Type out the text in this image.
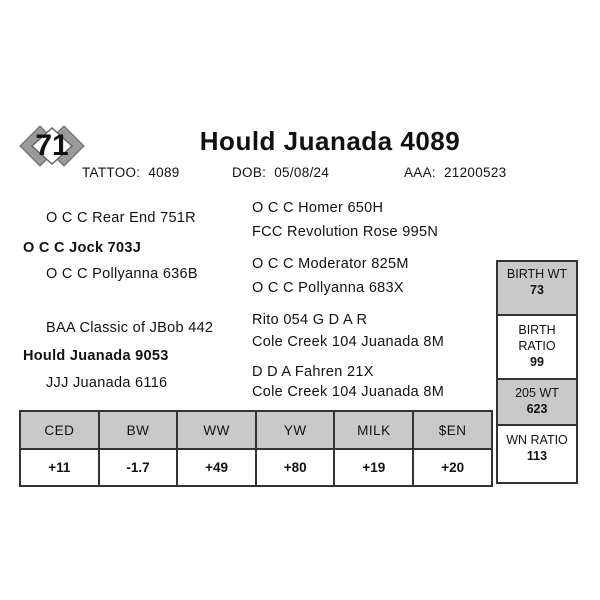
71	Hould Juanada 4089
TATTOO: 4089	DOB: 05/08/24	AAA: 21200523
O C C Rear End 751R
O C C Jock 703J
O C C Pollyanna 636B
BAA Classic of JBob 442
Hould Juanada 9053
JJJ Juanada 6116
O C C Homer 650H
FCC Revolution Rose 995N
O C C Moderator 825M
O C C Pollyanna 683X
Rito 054 G D A R
Cole Creek 104 Juanada 8M
D D A Fahren 21X
Cole Creek 104 Juanada 8M
CED	BW	WW	YW	MILK	$EN
+11	-1.7	+49	+80	+19	+20
BIRTH WT
73
BIRTH
RATIO
99
205 WT
623
WN RATIO
113
